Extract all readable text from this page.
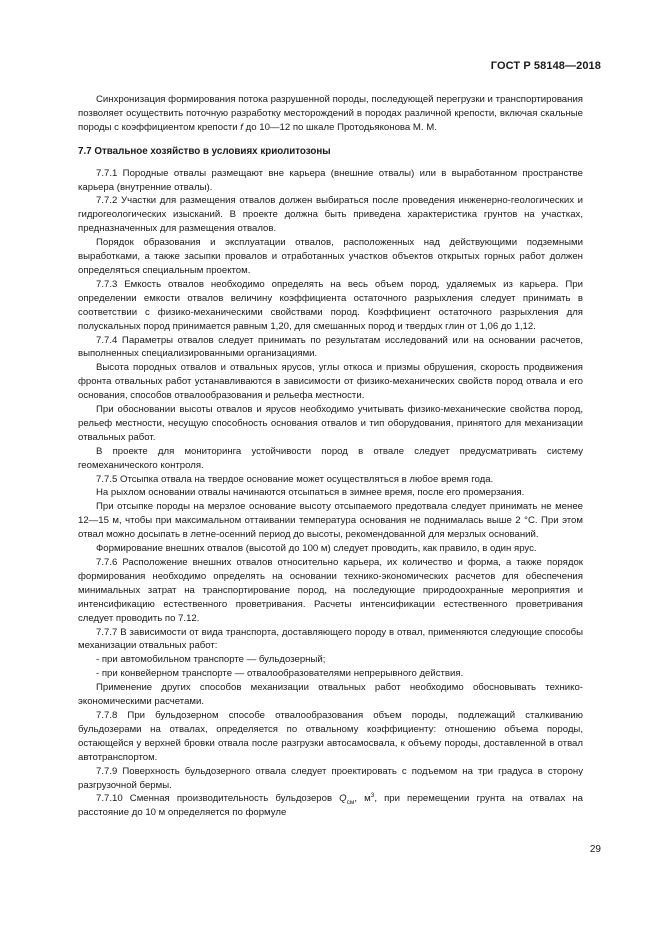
ГОСТ Р 58148—2018

Синхронизация формирования потока разрушенной породы, последующей перегрузки и транспортирования позволяет осуществить поточную разработку месторождений в породах различной крепости, включая скальные породы с коэффициентом крепости f до 10—12 по шкале Протодьяконова М. М.

7.7 Отвальное хозяйство в условиях криолитозоны

7.7.1 Породные отвалы размещают вне карьера (внешние отвалы) или в выработанном пространстве карьера (внутренние отвалы).

7.7.2 Участки для размещения отвалов должен выбираться после проведения инженерно-геологических и гидрогеологических изысканий. В проекте должна быть приведена характеристика грунтов на участках, предназначенных для размещения отвалов.

Порядок образования и эксплуатации отвалов, расположенных над действующими подземными выработками, а также засыпки провалов и отработанных участков объектов открытых горных работ должен определяться специальным проектом.

7.7.3 Емкость отвалов необходимо определять на весь объем пород, удаляемых из карьера. При определении емкости отвалов величину коэффициента остаточного разрыхления следует принимать в соответствии с физико-механическими свойствами пород. Коэффициент остаточного разрыхления для полускальных пород принимается равным 1,20, для смешанных пород и твердых глин от 1,06 до 1,12.

7.7.4 Параметры отвалов следует принимать по результатам исследований или на основании расчетов, выполненных специализированными организациями.

Высота породных отвалов и отвальных ярусов, углы откоса и призмы обрушения, скорость продвижения фронта отвальных работ устанавливаются в зависимости от физико-механических свойств пород отвала и его основания, способов отвалообразования и рельефа местности.

При обосновании высоты отвалов и ярусов необходимо учитывать физико-механические свойства пород, рельеф местности, несущую способность основания отвалов и тип оборудования, принятого для механизации отвальных работ.

В проекте для мониторинга устойчивости пород в отвале следует предусматривать систему геомеханического контроля.

7.7.5 Отсыпка отвала на твердое основание может осуществляться в любое время года.

На рыхлом основании отвалы начинаются отсыпаться в зимнее время, после его промерзания.

При отсыпке породы на мерзлое основание высоту отсыпаемого предотвала следует принимать не менее 12—15 м, чтобы при максимальном оттаивании температура основания не поднималась выше 2 °C. При этом отвал можно досыпать в летне-осенний период до высоты, рекомендованной для мерзлых оснований.

Формирование внешних отвалов (высотой до 100 м) следует проводить, как правило, в один ярус.

7.7.6 Расположение внешних отвалов относительно карьера, их количество и форма, а также порядок формирования необходимо определять на основании технико-экономических расчетов для обеспечения минимальных затрат на транспортирование пород, на последующие природоохранные мероприятия и интенсификацию естественного проветривания. Расчеты интенсификации естественного проветривания следует проводить по 7.12.

7.7.7 В зависимости от вида транспорта, доставляющего породу в отвал, применяются следующие способы механизации отвальных работ:

- при автомобильном транспорте — бульдозерный;

- при конвейерном транспорте — отвалообразователями непрерывного действия.

Применение других способов механизации отвальных работ необходимо обосновывать технико-экономическими расчетами.

7.7.8 При бульдозерном способе отвалообразования объем породы, подлежащий сталкиванию бульдозерами на отвалах, определяется по отвальному коэффициенту: отношению объема породы, остающейся у верхней бровки отвала после разгрузки автосамосвала, к объему породы, доставленной в отвал автотранспортом.

7.7.9 Поверхность бульдозерного отвала следует проектировать с подъемом на три градуса в сторону разгрузочной бермы.

7.7.10 Сменная производительность бульдозеров $Q_{см}$, $м^3$, при перемещении грунта на отвалах на расстояние до 10 м определяется по формуле

29
